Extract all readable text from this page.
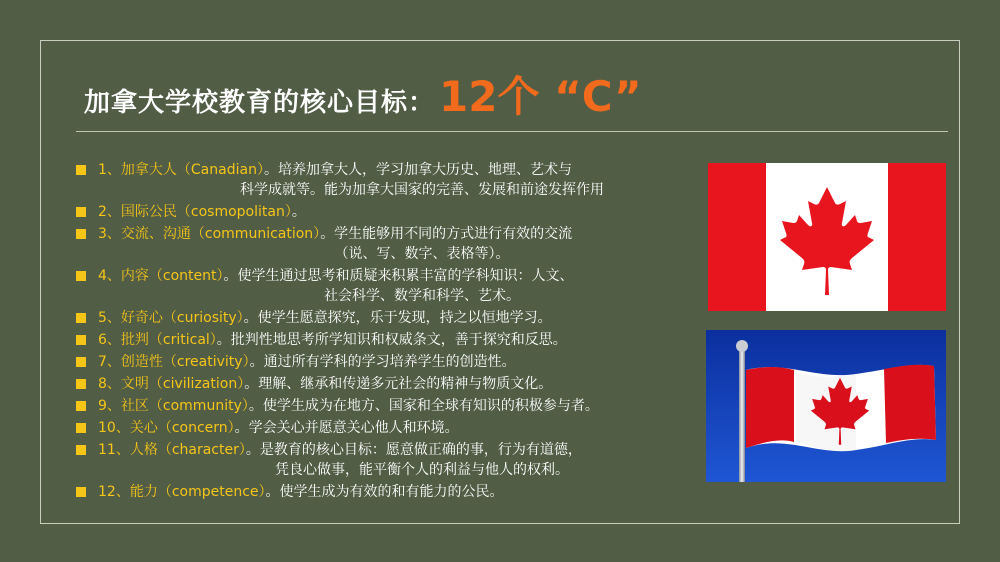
加拿大学校教育的核心目标： 12个 “C”
1、加拿大人（Canadian）。培养加拿大人，学习加拿大历史、地理、艺术与
科学成就等。能为加拿大国家的完善、发展和前途发挥作用
2、国际公民（cosmopolitan）。
3、交流、沟通（communication）。学生能够用不同的方式进行有效的交流
（说、写、数字、表格等）。
4、内容（content）。使学生通过思考和质疑来积累丰富的学科知识：人文、
社会科学、数学和科学、艺术。
5、好奇心（curiosity）。使学生愿意探究，乐于发现，持之以恒地学习。
6、批判（critical）。批判性地思考所学知识和权威条文，善于探究和反思。
7、创造性（creativity）。通过所有学科的学习培养学生的创造性。
8、文明（civilization）。理解、继承和传递多元社会的精神与物质文化。
9、社区（community）。使学生成为在地方、国家和全球有知识的积极参与者。
10、关心（concern）。学会关心并愿意关心他人和环境。
11、人格（character）。是教育的核心目标：愿意做正确的事，行为有道德，
凭良心做事，能平衡个人的利益与他人的权利。
12、能力（competence）。使学生成为有效的和有能力的公民。
